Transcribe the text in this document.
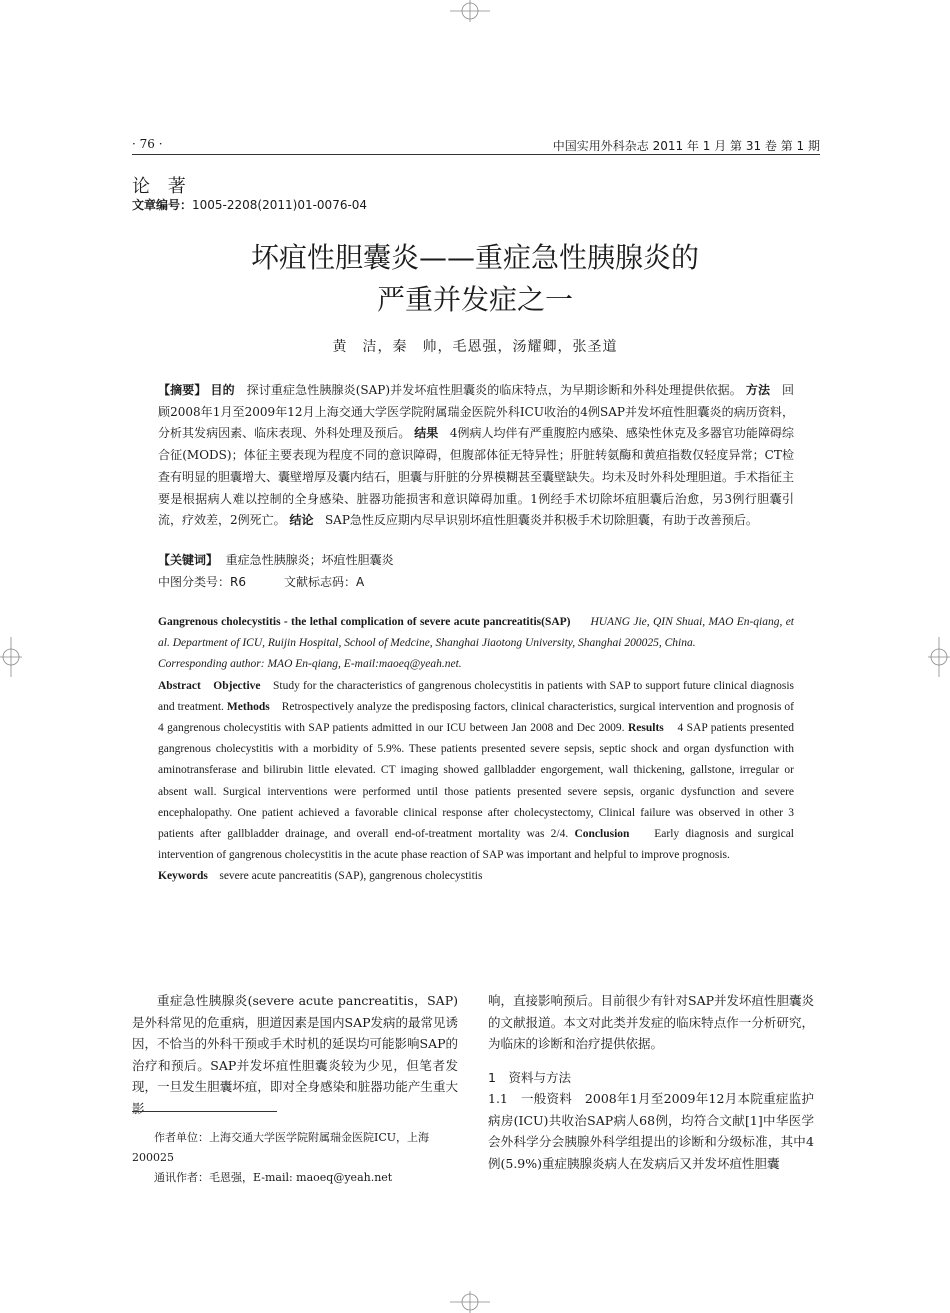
· 76 ·	中国实用外科杂志 2011 年 1 月 第 31 卷 第 1 期
论 著
文章编号：1005-2208(2011)01-0076-04
坏疽性胆囊炎——重症急性胰腺炎的
严重并发症之一
黄　洁，秦　帅，毛恩强，汤耀卿，张圣道
【摘要】 目的 探讨重症急性胰腺炎(SAP)并发坏疽性胆囊炎的临床特点，为早期诊断和外科处理提供依据。 方法 回顾2008年1月至2009年12月上海交通大学医学院附属瑞金医院外科ICU收治的4例SAP并发坏疽性胆囊炎的病历资料，分析其发病因素、临床表现、外科处理及预后。 结果 4例病人均伴有严重腹腔内感染、感染性休克及多器官功能障碍综合征(MODS)；体征主要表现为程度不同的意识障碍，但腹部体征无特异性；肝脏转氨酶和黄疸指数仅轻度异常；CT检查有明显的胆囊增大、囊壁增厚及囊内结石，胆囊与肝脏的分界模糊甚至囊壁缺失。均未及时外科处理胆道。手术指征主要是根据病人难以控制的全身感染、脏器功能损害和意识障碍加重。1例经手术切除坏疽胆囊后治愈，另3例行胆囊引流，疗效差，2例死亡。 结论 SAP急性反应期内尽早识别坏疽性胆囊炎并积极手术切除胆囊，有助于改善预后。
【关键词】 重症急性胰腺炎；坏疽性胆囊炎
中图分类号：R6	文献标志码：A
Gangrenous cholecystitis - the lethal complication of severe acute pancreatitis(SAP) HUANG Jie, QIN Shuai, MAO En-qiang, et al. Department of ICU, Ruijin Hospital, School of Medcine, Shanghai Jiaotong University, Shanghai 200025, China.
Corresponding author: MAO En-qiang, E-mail:maoeq@yeah.net.
Abstract Objective Study for the characteristics of gangrenous cholecystitis in patients with SAP to support future clinical diagnosis and treatment. Methods Retrospectively analyze the predisposing factors, clinical characteristics, surgical intervention and prognosis of 4 gangrenous cholecystitis with SAP patients admitted in our ICU between Jan 2008 and Dec 2009. Results 4 SAP patients presented gangrenous cholecystitis with a morbidity of 5.9%. These patients presented severe sepsis, septic shock and organ dysfunction with aminotransferase and bilirubin little elevated. CT imaging showed gallbladder engorgement, wall thickening, gallstone, irregular or absent wall. Surgical interventions were performed until those patients presented severe sepsis, organic dysfunction and severe encephalopathy. One patient achieved a favorable clinical response after cholecystectomy, Clinical failure was observed in other 3 patients after gallbladder drainage, and overall end-of-treatment mortality was 2/4. Conclusion Early diagnosis and surgical intervention of gangrenous cholecystitis in the acute phase reaction of SAP was important and helpful to improve prognosis.
Keywords severe acute pancreatitis (SAP), gangrenous cholecystitis
重症急性胰腺炎(severe acute pancreatitis，SAP)是外科常见的危重病，胆道因素是国内SAP发病的最常见诱因，不恰当的外科干预或手术时机的延误均可能影响SAP的治疗和预后。SAP并发坏疽性胆囊炎较为少见，但笔者发现，一旦发生胆囊坏疽，即对全身感染和脏器功能产生重大影
作者单位：上海交通大学医学院附属瑞金医院ICU，上海 200025
通讯作者：毛恩强，E-mail: maoeq@yeah.net
响，直接影响预后。目前很少有针对SAP并发坏疽性胆囊炎的文献报道。本文对此类并发症的临床特点作一分析研究，为临床的诊断和治疗提供依据。
1　资料与方法
1.1　一般资料　2008年1月至2009年12月本院重症监护病房(ICU)共收治SAP病人68例，均符合文献[1]中华医学会外科学分会胰腺外科学组提出的诊断和分级标准，其中4例(5.9%)重症胰腺炎病人在发病后又并发坏疽性胆囊
